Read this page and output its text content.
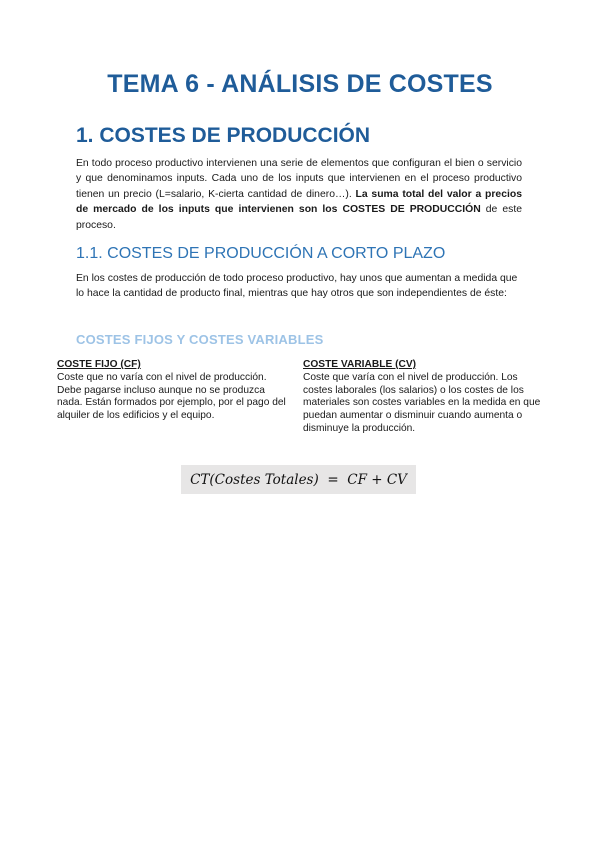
TEMA 6 - ANÁLISIS DE COSTES
1. COSTES DE PRODUCCIÓN
En todo proceso productivo intervienen una serie de elementos que configuran el bien o servicio y que denominamos inputs. Cada uno de los inputs que intervienen en el proceso productivo tienen un precio (L=salario, K-cierta cantidad de dinero…). La suma total del valor a precios de mercado de los inputs que intervienen son los COSTES DE PRODUCCIÓN de este proceso.
1.1. COSTES DE PRODUCCIÓN A CORTO PLAZO
En los costes de producción de todo proceso productivo, hay unos que aumentan a medida que lo hace la cantidad de producto final, mientras que hay otros que son independientes de éste:
COSTES FIJOS Y COSTES VARIABLES
COSTE FIJO (CF)
Coste que no varía con el nivel de producción. Debe pagarse incluso aunque no se produzca nada. Están formados por ejemplo, por el pago del alquiler de los edificios y el equipo.
COSTE VARIABLE (CV)
Coste que varía con el nivel de producción. Los costes laborales (los salarios) o los costes de los materiales son costes variables en la medida en que puedan aumentar o disminuir cuando aumenta o disminuye la producción.
CT(Costes Totales)  =  CF + CV
